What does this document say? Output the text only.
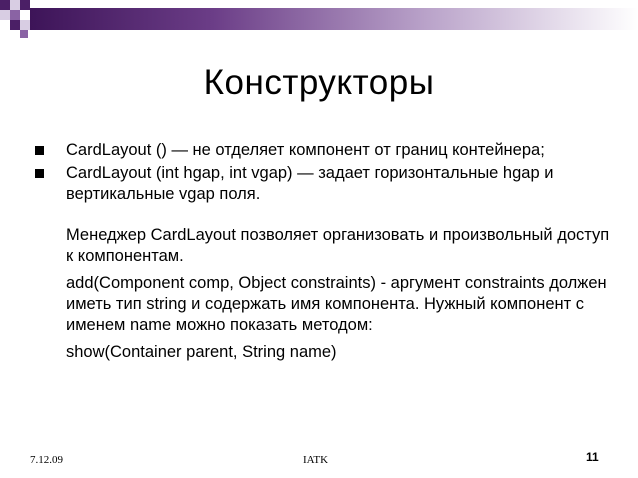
Конструкторы
CardLayout () — не отделяет компонент от границ контейнера;
CardLayout (int hgap, int vgap) — задает горизонтальные hgap и вертикальные vgap поля.
Менеджер CardLayout позволяет организовать и произвольный доступ к компонентам.
add(Component comp, Object constraints) - аргумент constraints должен иметь тип string и содержать имя компонента. Нужный компонент с именем name можно показать методом:
show(Container parent, String name)
7.12.09	IATK	11
